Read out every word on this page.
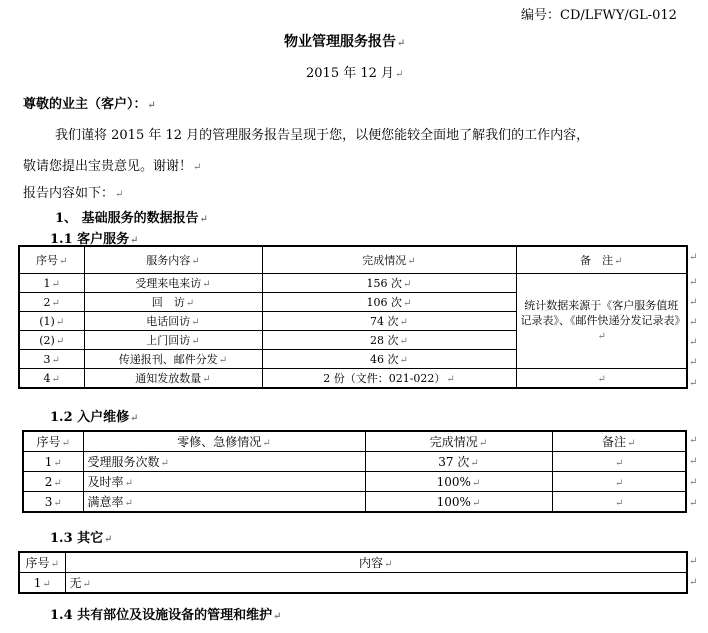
编号：CD/LFWY/GL-012
物业管理服务报告↵
2015 年 12 月↵
尊敬的业主（客户）：↵
我们谨将 2015 年 12 月的管理服务报告呈现于您，以便您能较全面地了解我们的工作内容，
敬请您提出宝贵意见。谢谢！↵
报告内容如下：↵
1、 基础服务的数据报告↵
1.1 客户服务↵
序号↵	服务内容↵	完成情况↵	备　注↵
1↵	受理来电来访↵	156 次↵	统计数据来源于《客户服务值班记录表》、《邮件快递分发记录表》↵
2↵	回　访↵	106 次↵	
(1)↵	电话回访↵	74 次↵	
(2)↵	上门回访↵	28 次↵	
3↵	传递报刊、邮件分发↵	46 次↵	
4↵	通知发放数量↵	2 份（文件：021-022）↵	↵
↵
↵
↵
↵
↵
↵
↵
1.2 入户维修↵
序号↵	零修、急修情况↵	完成情况↵	备注↵
1↵	受理服务次数↵	37 次↵	↵
2↵	及时率↵	100%↵	↵
3↵	满意率↵	100%↵	↵
↵
↵
↵
↵
1.3 其它↵
序号↵	内容↵
1↵	无↵
↵
↵
1.4 共有部位及设施设备的管理和维护↵
